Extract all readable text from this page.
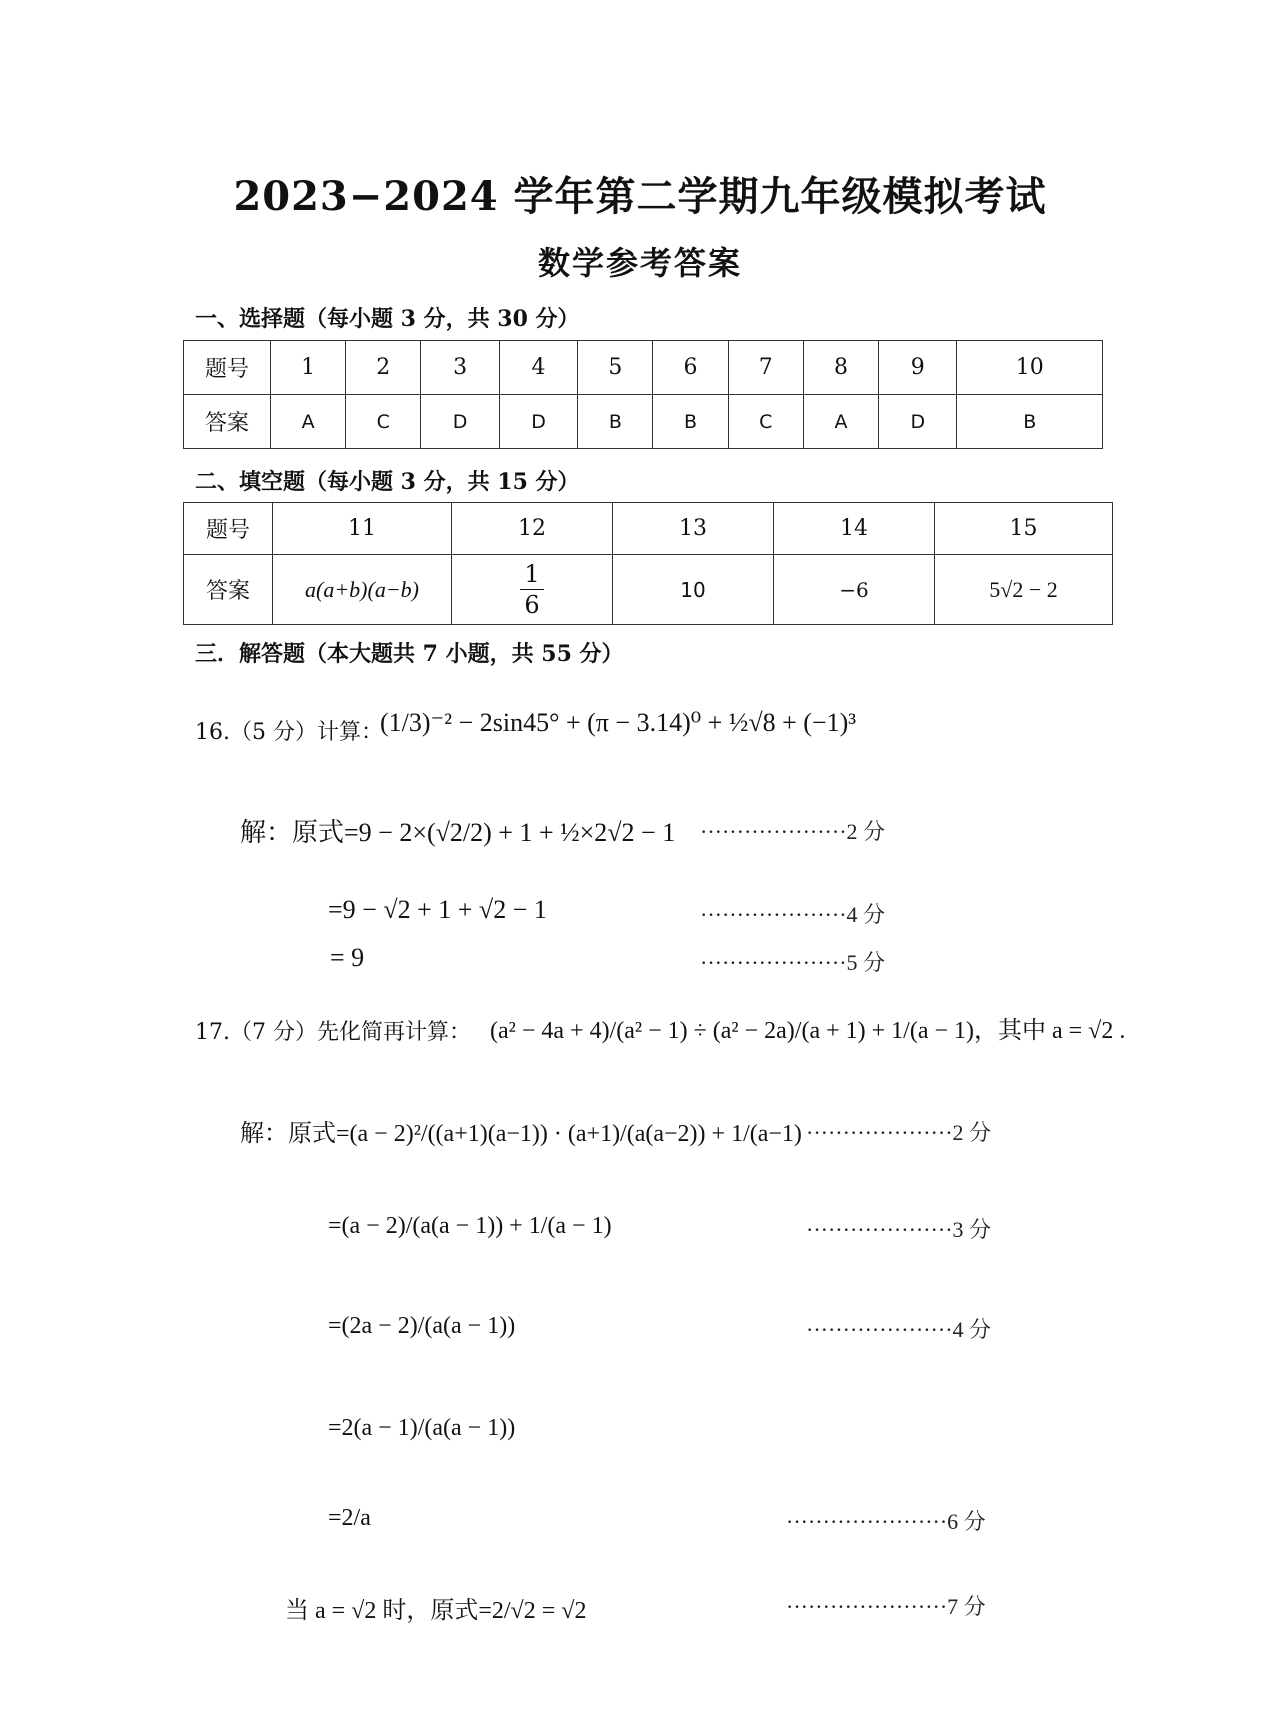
2023−2024 学年第二学期九年级模拟考试
数学参考答案
一、选择题（每小题 3 分，共 30 分）
题号	1	2	3	4	5	6	7	8	9	10
答案	A	C	D	D	B	B	C	A	D	B
二、填空题（每小题 3 分，共 15 分）
题号	11	12	13	14	15
答案	a(a+b)(a−b)	$\frac{1}{6}$	10	−6	5√2 − 2
三．解答题（本大题共 7 小题，共 55 分）
16.（5 分）计算：
(1/3)⁻² − 2sin45° + (π − 3.14)⁰ + ½√8 + (−1)³
解：原式=9 − 2×(√2/2) + 1 + ½×2√2 − 1 ····················2 分
=9 − √2 + 1 + √2 − 1	····················4 分
= 9	····················5 分
17.（7 分）先化简再计算： (a² − 4a + 4)/(a² − 1) ÷ (a² − 2a)/(a + 1) + 1/(a − 1)，其中 a = √2 .
解：原式=(a − 2)²/((a+1)(a−1)) · (a+1)/(a(a−2)) + 1/(a−1) ····················2 分
=(a − 2)/(a(a − 1)) + 1/(a − 1)	····················3 分
=(2a − 2)/(a(a − 1))	····················4 分
=2(a − 1)/(a(a − 1))
=2/a	······················6 分
当 a = √2 时，原式=2/√2 = √2	······················7 分
